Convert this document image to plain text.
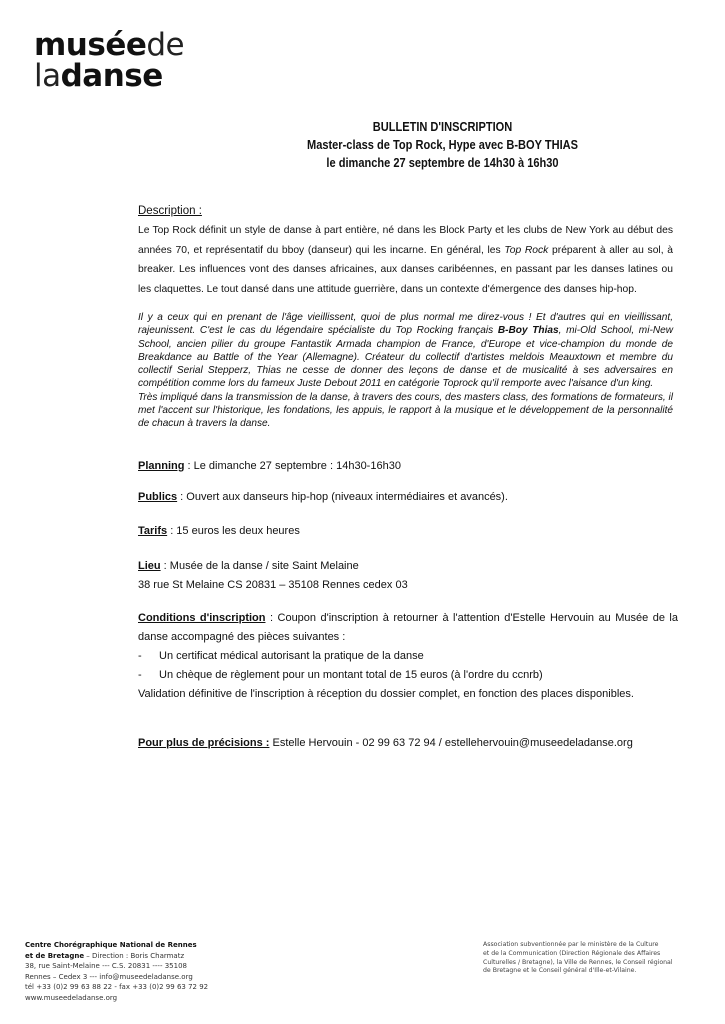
muséede
ladanse
BULLETIN D'INSCRIPTION
Master-class de Top Rock, Hype avec B-BOY THIAS
le dimanche 27 septembre de 14h30 à 16h30
Description :

Le Top Rock définit un style de danse à part entière, né dans les Block Party et les clubs de New York au début des années 70, et représentatif du bboy (danseur) qui les incarne. En général, les Top Rock préparent à aller au sol, à breaker. Les influences vont des danses africaines, aux danses caribéennes, en passant par les danses latines ou les claquettes. Le tout dansé dans une attitude guerrière, dans un contexte d'émergence des danses hip-hop.

Il y a ceux qui en prenant de l'âge vieillissent, quoi de plus normal me direz-vous ! Et d'autres qui en vieillissant, rajeunissent. C'est le cas du légendaire spécialiste du Top Rocking français B-Boy Thias, mi-Old School, mi-New School, ancien pilier du groupe Fantastik Armada champion de France, d'Europe et vice-champion du monde de Breakdance au Battle of the Year (Allemagne). Créateur du collectif d'artistes meldois Meauxtown et membre du collectif Serial Stepperz, Thias ne cesse de donner des leçons de danse et de musicalité à ses adversaires en compétition comme lors du fameux Juste Debout 2011 en catégorie Toprock qu'il remporte avec l'aisance d'un king.
Très impliqué dans la transmission de la danse, à travers des cours, des masters class, des formations de formateurs, il met l'accent sur l'historique, les fondations, les appuis, le rapport à la musique et le développement de la personnalité de chacun à travers la danse.
Planning : Le dimanche 27 septembre : 14h30-16h30
Publics : Ouvert aux danseurs hip-hop (niveaux intermédiaires et avancés).
Tarifs : 15 euros les deux heures
Lieu : Musée de la danse / site Saint Melaine
38 rue St Melaine CS 20831 – 35108 Rennes cedex 03
Conditions d'inscription : Coupon d'inscription à retourner à l'attention d'Estelle Hervouin au Musée de la danse accompagné des pièces suivantes :
-	Un certificat médical autorisant la pratique de la danse
-	Un chèque de règlement pour un montant total de 15 euros (à l'ordre du ccnrb)
Validation définitive de l'inscription à réception du dossier complet, en fonction des places disponibles.
Pour plus de précisions : Estelle Hervouin - 02 99 63 72 94 / estellehervouin@museedeladanse.org
Centre Chorégraphique National de Rennes
et de Bretagne – Direction : Boris Charmatz
38, rue Saint-Melaine --- C.S. 20831 ---- 35108
Rennes – Cedex 3 --- info@museedeladanse.org
tél +33 (0)2 99 63 88 22 - fax +33 (0)2 99 63 72 92
www.museedeladanse.org
Association subventionnée par le ministère de la Culture
et de la Communication (Direction Régionale des Affaires
Culturelles / Bretagne), la Ville de Rennes, le Conseil régional
de Bretagne et le Conseil général d'Ille-et-Vilaine.
